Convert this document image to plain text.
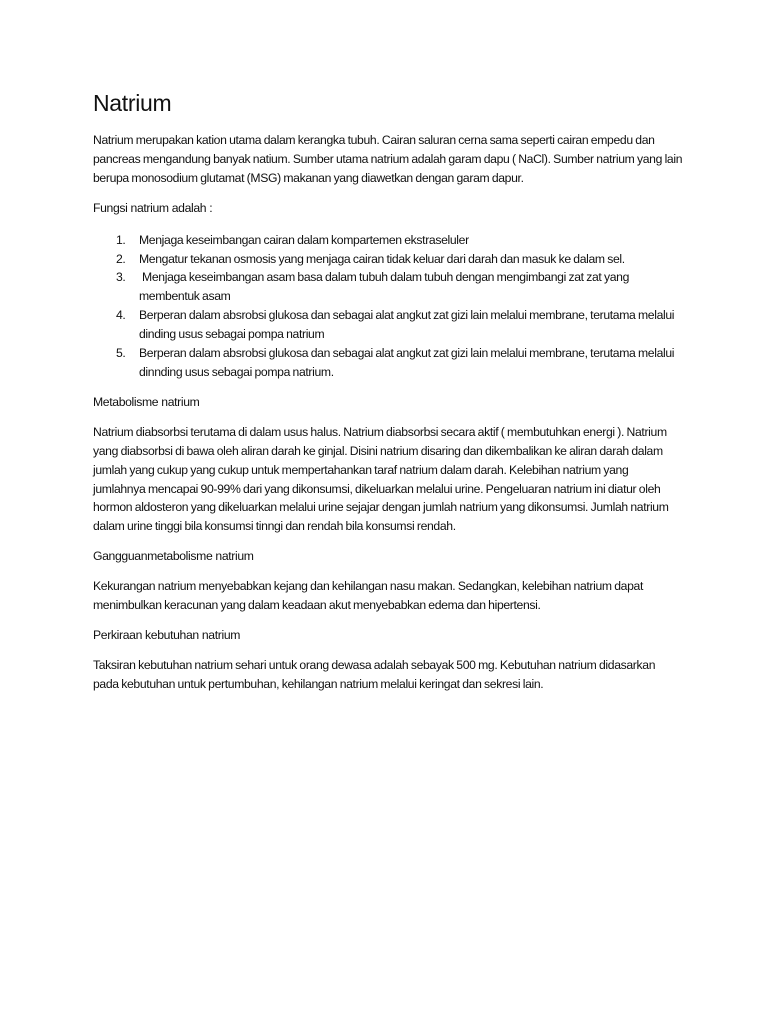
Natrium

Natrium merupakan kation utama dalam kerangka tubuh. Cairan saluran cerna sama seperti cairan empedu dan pancreas mengandung banyak natium. Sumber utama natrium adalah garam dapu ( NaCl). Sumber natrium yang lain berupa monosodium glutamat (MSG) makanan yang diawetkan dengan garam dapur.

Fungsi natrium adalah :

1. Menjaga keseimbangan cairan dalam kompartemen ekstraseluler
2. Mengatur tekanan osmosis yang menjaga cairan tidak keluar dari darah dan masuk ke dalam sel.
3. Menjaga keseimbangan asam basa dalam tubuh dalam tubuh dengan mengimbangi zat zat yang membentuk asam
4. Berperan dalam absrobsi glukosa dan sebagai alat angkut zat gizi lain melalui membrane, terutama melalui dinding usus sebagai pompa natrium
5. Berperan dalam absrobsi glukosa dan sebagai alat angkut zat gizi lain melalui membrane, terutama melalui dinnding usus sebagai pompa natrium.

Metabolisme natrium

Natrium diabsorbsi terutama di dalam usus halus. Natrium diabsorbsi secara aktif ( membutuhkan energi ). Natrium yang diabsorbsi di bawa oleh aliran darah ke ginjal. Disini natrium disaring dan dikembalikan ke aliran darah dalam jumlah yang cukup yang cukup untuk mempertahankan taraf natrium dalam darah. Kelebihan natrium yang jumlahnya mencapai 90-99% dari yang dikonsumsi, dikeluarkan melalui urine. Pengeluaran natrium ini diatur oleh hormon aldosteron yang dikeluarkan melalui urine sejajar dengan jumlah natrium yang dikonsumsi. Jumlah natrium dalam urine tinggi bila konsumsi tinngi dan rendah bila konsumsi rendah.

Gangguanmetabolisme natrium

Kekurangan natrium menyebabkan kejang dan kehilangan nasu makan. Sedangkan, kelebihan natrium dapat menimbulkan keracunan yang dalam keadaan akut menyebabkan edema dan hipertensi.

Perkiraan kebutuhan natrium

Taksiran kebutuhan natrium sehari untuk orang dewasa adalah sebayak 500 mg. Kebutuhan natrium didasarkan pada kebutuhan untuk pertumbuhan, kehilangan natrium melalui keringat dan sekresi lain.
